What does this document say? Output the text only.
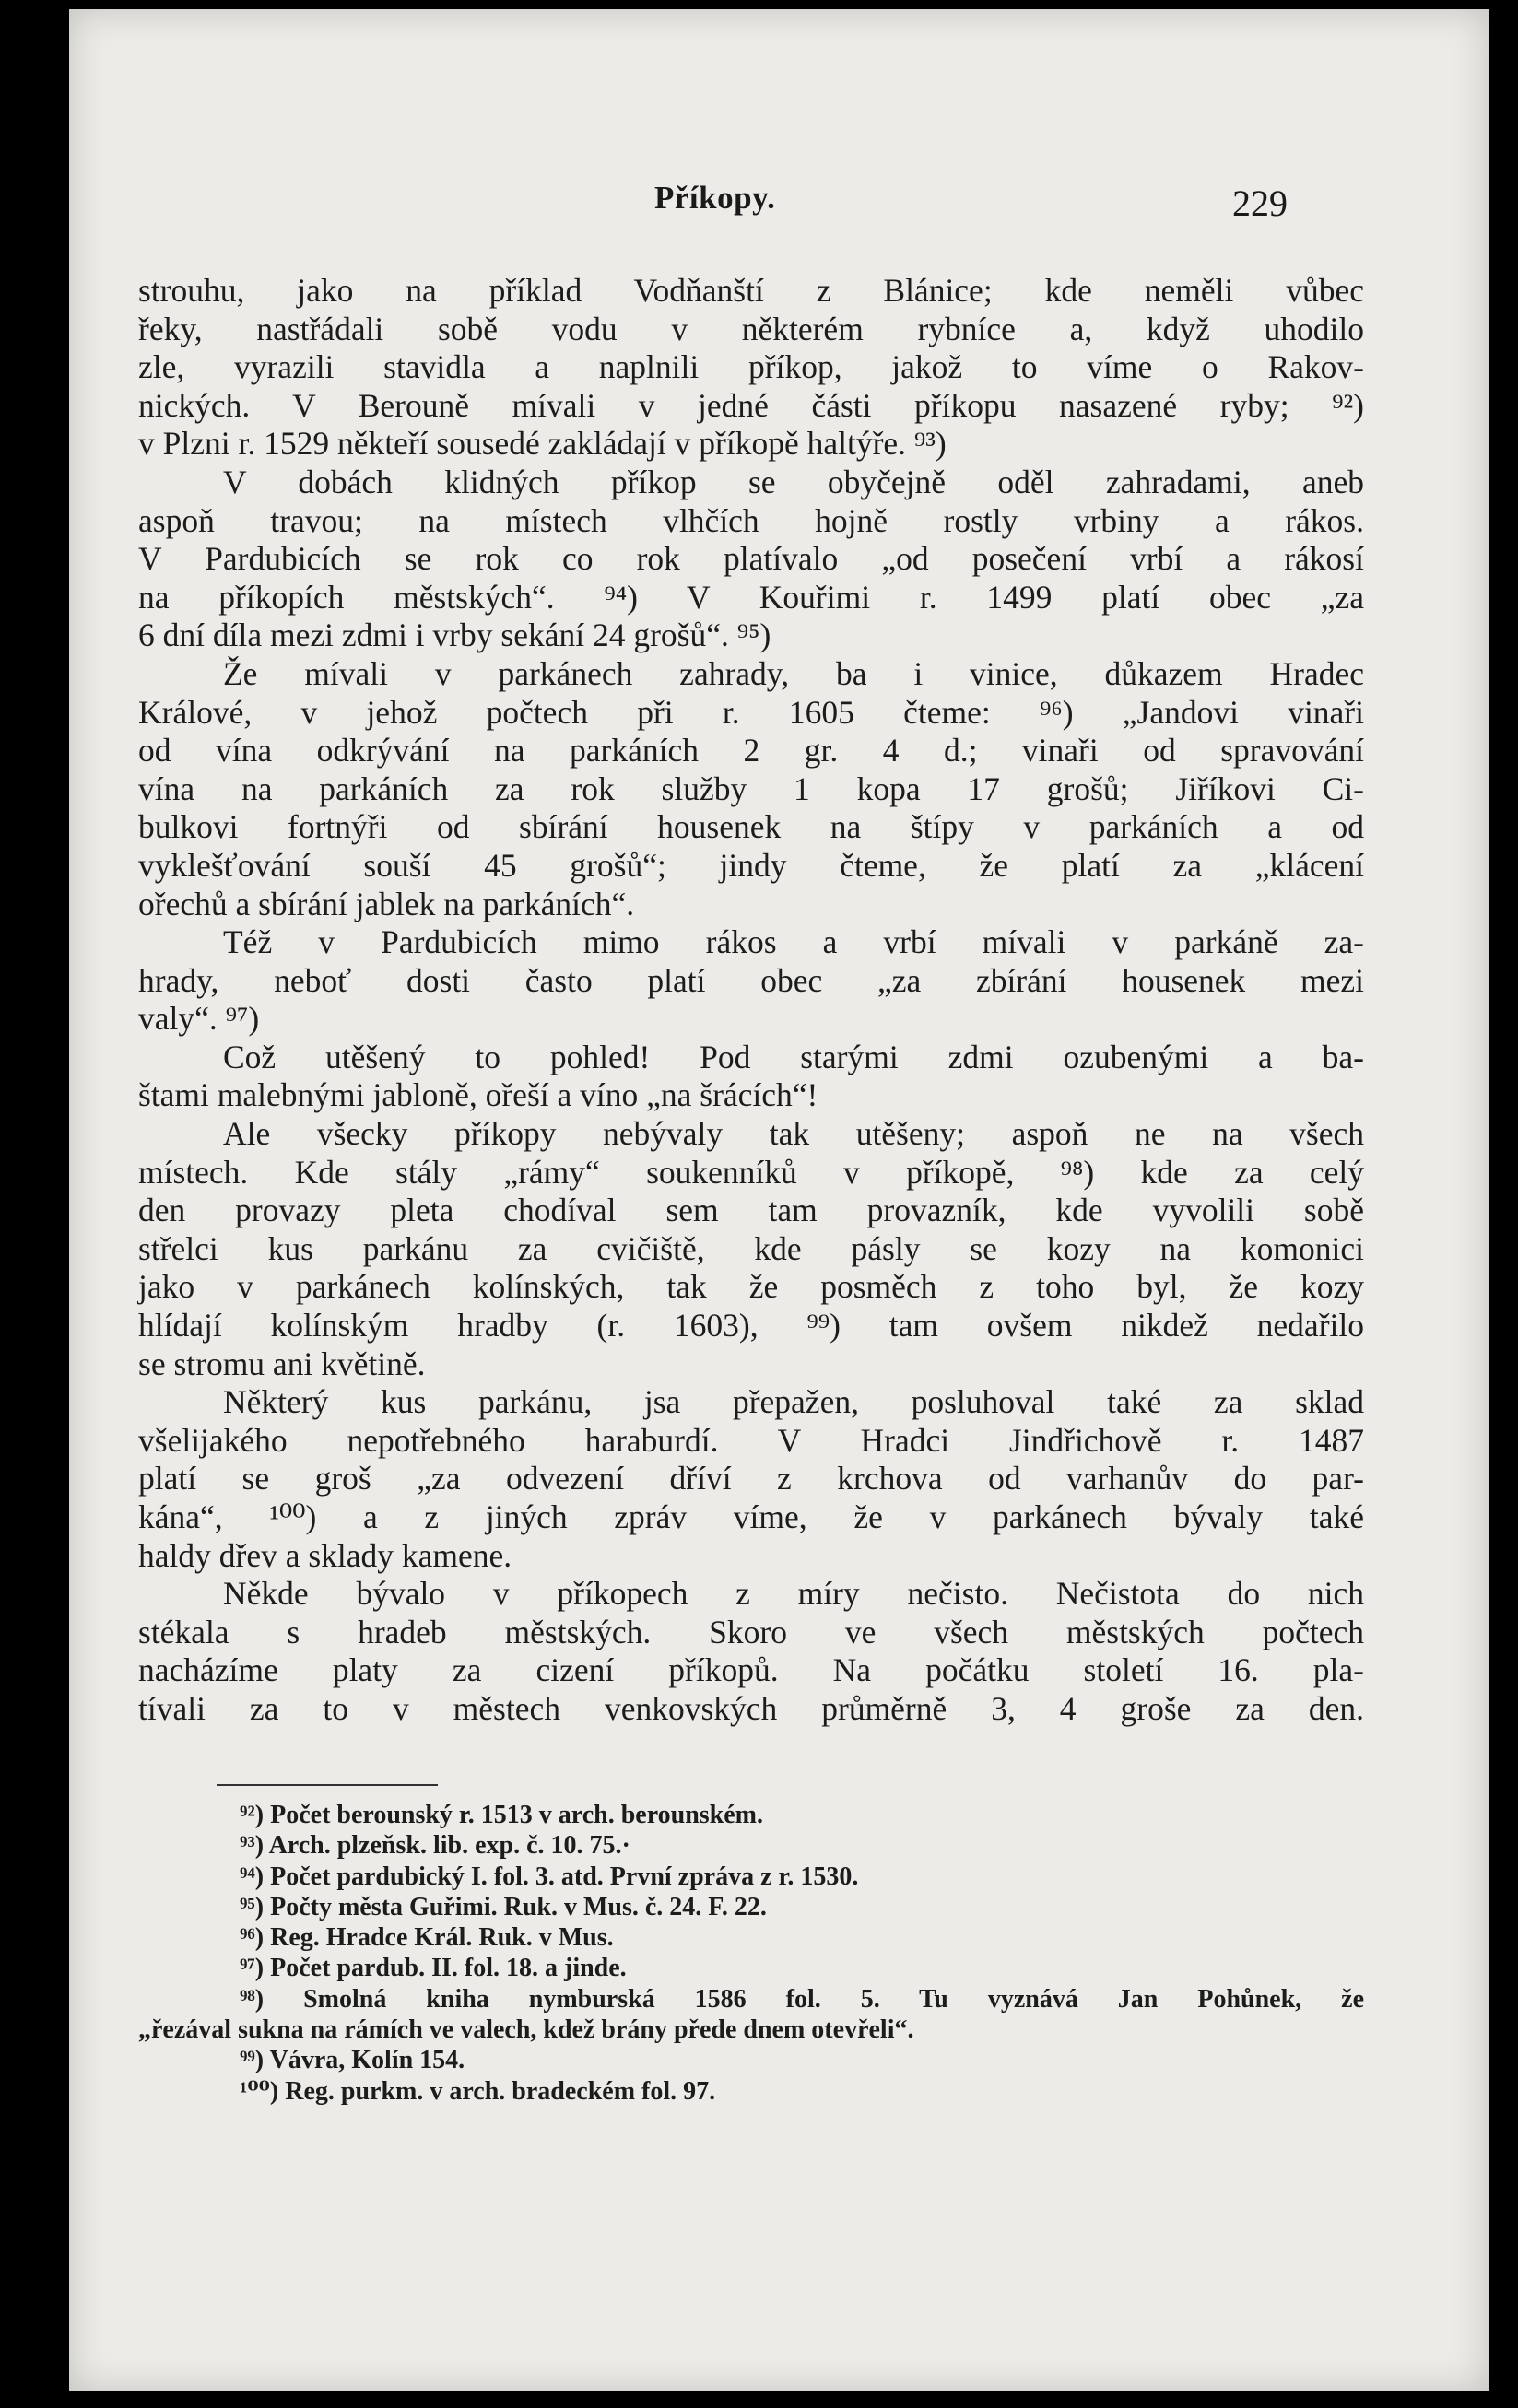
Příkopy.	229
strouhu, jako na příklad Vodňanští z Blánice; kde neměli vůbec
řeky, nastřádali sobě vodu v některém rybníce a, když uhodilo
zle, vyrazili stavidla a naplnili příkop, jakož to víme o Rakov-
nických. V Berouně mívali v jedné části příkopu nasazené ryby; ⁹²)
v Plzni r. 1529 někteří sousedé zakládají v příkopě haltýře. ⁹³)
V dobách klidných příkop se obyčejně oděl zahradami, aneb
aspoň travou; na místech vlhčích hojně rostly vrbiny a rákos.
V Pardubicích se rok co rok platívalo „od posečení vrbí a rákosí
na příkopích městských“. ⁹⁴) V Kouřimi r. 1499 platí obec „za
6 dní díla mezi zdmi i vrby sekání 24 grošů“. ⁹⁵)
Že mívali v parkánech zahrady, ba i vinice, důkazem Hradec
Králové, v jehož počtech při r. 1605 čteme: ⁹⁶) „Jandovi vinaři
od vína odkrývání na parkáních 2 gr. 4 d.; vinaři od spravování
vína na parkáních za rok služby 1 kopa 17 grošů; Jiříkovi Ci-
bulkovi fortnýři od sbírání housenek na štípy v parkáních a od
vyklešťování souší 45 grošů“; jindy čteme, že platí za „klácení
ořechů a sbírání jablek na parkáních“.
Též v Pardubicích mimo rákos a vrbí mívali v parkáně za-
hrady, neboť dosti často platí obec „za zbírání housenek mezi
valy“. ⁹⁷)
Což utěšený to pohled! Pod starými zdmi ozubenými a ba-
štami malebnými jabloně, ořeší a víno „na šrácích“!
Ale všecky příkopy nebývaly tak utěšeny; aspoň ne na všech
místech. Kde stály „rámy“ soukenníků v příkopě, ⁹⁸) kde za celý
den provazy pleta chodíval sem tam provazník, kde vyvolili sobě
střelci kus parkánu za cvičiště, kde pásly se kozy na komonici
jako v parkánech kolínských, tak že posměch z toho byl, že kozy
hlídají kolínským hradby (r. 1603), ⁹⁹) tam ovšem nikdež nedařilo
se stromu ani květině.
Některý kus parkánu, jsa přepažen, posluhoval také za sklad
všelijakého nepotřebného haraburdí. V Hradci Jindřichově r. 1487
platí se groš „za odvezení dříví z krchova od varhanův do par-
kána“, ¹⁰⁰) a z jiných zpráv víme, že v parkánech bývaly také
haldy dřev a sklady kamene.
Někde bývalo v příkopech z míry nečisto. Nečistota do nich
stékala s hradeb městských. Skoro ve všech městských počtech
nacházíme platy za cizení příkopů. Na počátku století 16. pla-
tívali za to v městech venkovských průměrně 3, 4 groše za den.
⁹²) Počet berounský r. 1513 v arch. berounském.
⁹³) Arch. plzeňsk. lib. exp. č. 10. 75.·
⁹⁴) Počet pardubický I. fol. 3. atd. První zpráva z r. 1530.
⁹⁵) Počty města Guřimi. Ruk. v Mus. č. 24. F. 22.
⁹⁶) Reg. Hradce Král. Ruk. v Mus.
⁹⁷) Počet pardub. II. fol. 18. a jinde.
⁹⁸) Smolná kniha nymburská 1586 fol. 5. Tu vyznává Jan Pohůnek, že
„řezával sukna na rámích ve valech, kdež brány přede dnem otevřeli“.
⁹⁹) Vávra, Kolín 154.
¹⁰⁰) Reg. purkm. v arch. bradeckém fol. 97.
